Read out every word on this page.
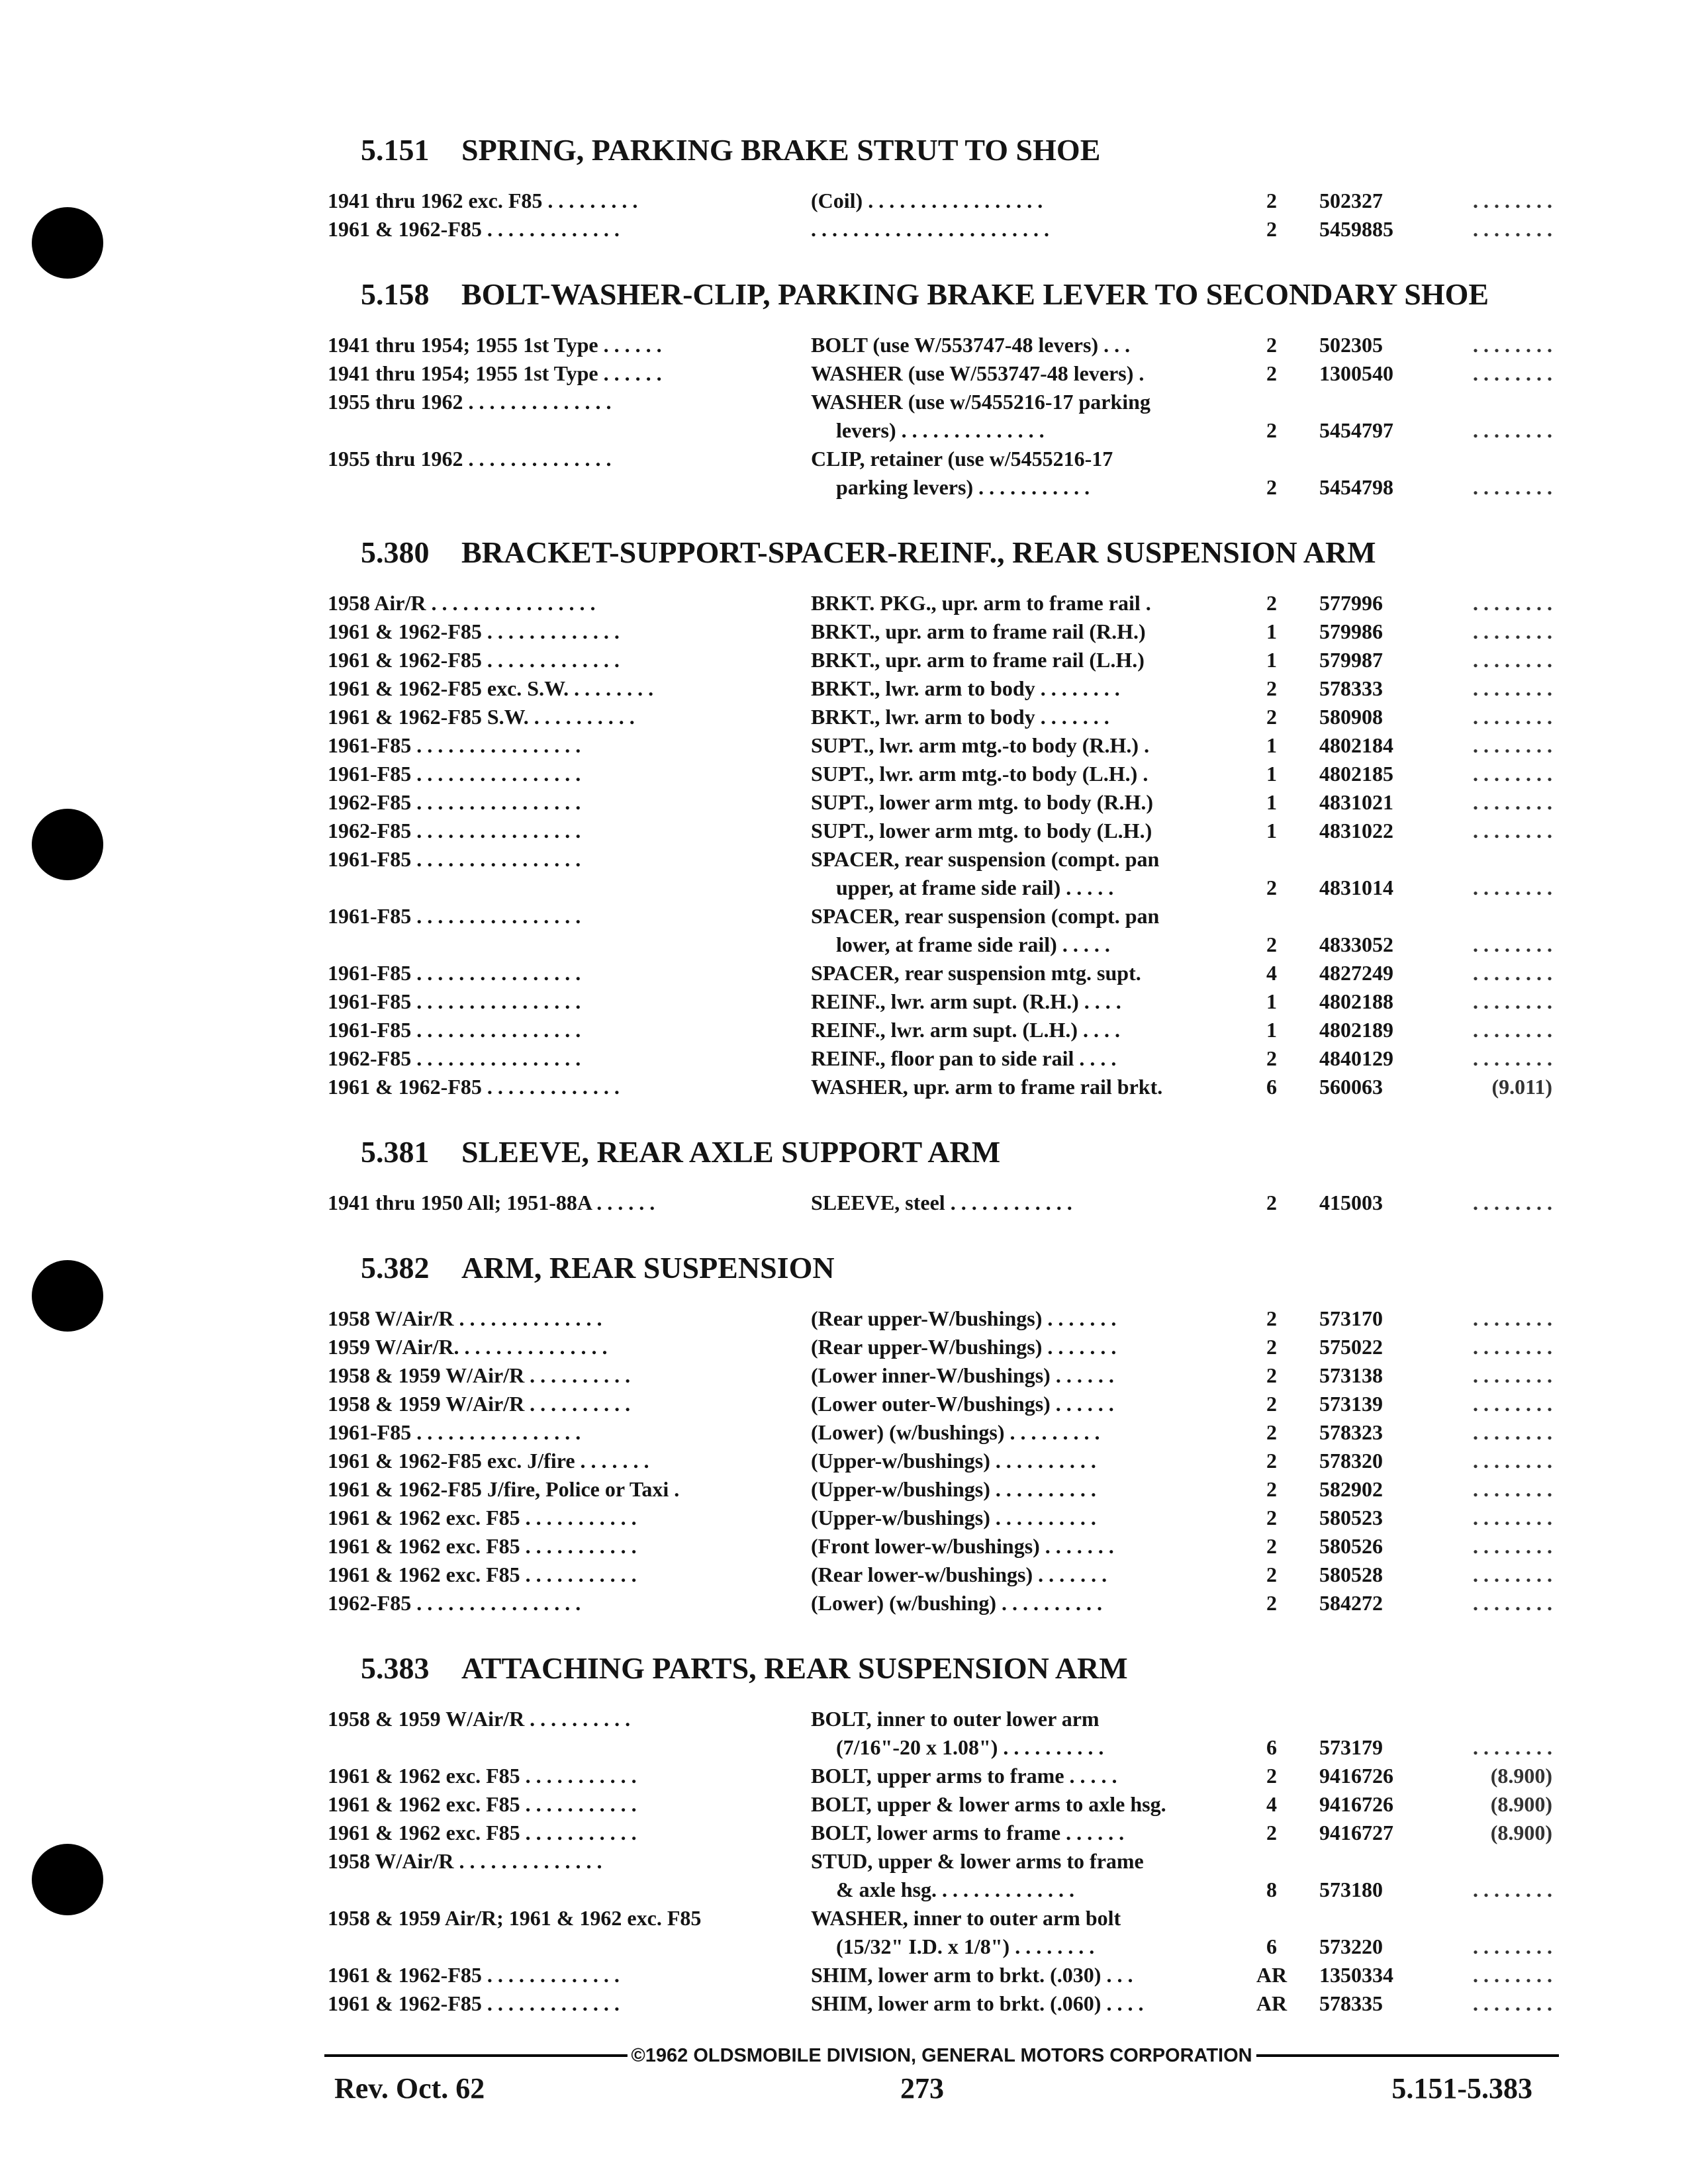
5.151	SPRING, PARKING BRAKE STRUT TO SHOE
1941 thru 1962 exc. F85 . . . . . . . . .	(Coil) . . . . . . . . . . . . . . . . .	2	502327	. . . . . . . .
1961 & 1962-F85 . . . . . . . . . . . . .	. . . . . . . . . . . . . . . . . . . . . . .	2	5459885	. . . . . . . .
5.158	BOLT-WASHER-CLIP, PARKING BRAKE LEVER TO SECONDARY SHOE
1941 thru 1954; 1955 1st Type . . . . . .	BOLT (use W/553747-48 levers) . . .	2	502305	. . . . . . . .
1941 thru 1954; 1955 1st Type . . . . . .	WASHER (use W/553747-48 levers) .	2	1300540	. . . . . . . .
1955 thru 1962 . . . . . . . . . . . . . .	WASHER (use w/5455216-17 parking
levers) . . . . . . . . . . . . . .	2	5454797	. . . . . . . .
1955 thru 1962 . . . . . . . . . . . . . .	CLIP, retainer (use w/5455216-17
parking levers) . . . . . . . . . . .	2	5454798	. . . . . . . .
5.380	BRACKET-SUPPORT-SPACER-REINF., REAR SUSPENSION ARM
1958 Air/R . . . . . . . . . . . . . . . .	BRKT. PKG., upr. arm to frame rail .	2	577996	. . . . . . . .
1961 & 1962-F85 . . . . . . . . . . . . .	BRKT., upr. arm to frame rail (R.H.)	1	579986	. . . . . . . .
1961 & 1962-F85 . . . . . . . . . . . . .	BRKT., upr. arm to frame rail (L.H.)	1	579987	. . . . . . . .
1961 & 1962-F85 exc. S.W. . . . . . . . .	BRKT., lwr. arm to body . . . . . . . .	2	578333	. . . . . . . .
1961 & 1962-F85 S.W. . . . . . . . . . .	BRKT., lwr. arm to body . . . . . . .	2	580908	. . . . . . . .
1961-F85 . . . . . . . . . . . . . . . .	SUPT., lwr. arm mtg.-to body (R.H.) .	1	4802184	. . . . . . . .
1961-F85 . . . . . . . . . . . . . . . .	SUPT., lwr. arm mtg.-to body (L.H.) .	1	4802185	. . . . . . . .
1962-F85 . . . . . . . . . . . . . . . .	SUPT., lower arm mtg. to body (R.H.)	1	4831021	. . . . . . . .
1962-F85 . . . . . . . . . . . . . . . .	SUPT., lower arm mtg. to body (L.H.)	1	4831022	. . . . . . . .
1961-F85 . . . . . . . . . . . . . . . .	SPACER, rear suspension (compt. pan
upper, at frame side rail) . . . . .	2	4831014	. . . . . . . .
1961-F85 . . . . . . . . . . . . . . . .	SPACER, rear suspension (compt. pan
lower, at frame side rail) . . . . .	2	4833052	. . . . . . . .
1961-F85 . . . . . . . . . . . . . . . .	SPACER, rear suspension mtg. supt.	4	4827249	. . . . . . . .
1961-F85 . . . . . . . . . . . . . . . .	REINF., lwr. arm supt. (R.H.) . . . .	1	4802188	. . . . . . . .
1961-F85 . . . . . . . . . . . . . . . .	REINF., lwr. arm supt. (L.H.) . . . .	1	4802189	. . . . . . . .
1962-F85 . . . . . . . . . . . . . . . .	REINF., floor pan to side rail . . . .	2	4840129	. . . . . . . .
1961 & 1962-F85 . . . . . . . . . . . . .	WASHER, upr. arm to frame rail brkt.	6	560063	(9.011)
5.381	SLEEVE, REAR AXLE SUPPORT ARM
1941 thru 1950 All; 1951-88A . . . . . .	SLEEVE, steel . . . . . . . . . . . .	2	415003	. . . . . . . .
5.382	ARM, REAR SUSPENSION
1958 W/Air/R . . . . . . . . . . . . . .	(Rear upper-W/bushings) . . . . . . .	2	573170	. . . . . . . .
1959 W/Air/R. . . . . . . . . . . . . . .	(Rear upper-W/bushings) . . . . . . .	2	575022	. . . . . . . .
1958 & 1959 W/Air/R . . . . . . . . . .	(Lower inner-W/bushings) . . . . . .	2	573138	. . . . . . . .
1958 & 1959 W/Air/R . . . . . . . . . .	(Lower outer-W/bushings) . . . . . .	2	573139	. . . . . . . .
1961-F85 . . . . . . . . . . . . . . . .	(Lower) (w/bushings) . . . . . . . . .	2	578323	. . . . . . . .
1961 & 1962-F85 exc. J/fire . . . . . . .	(Upper-w/bushings) . . . . . . . . . .	2	578320	. . . . . . . .
1961 & 1962-F85 J/fire, Police or Taxi .	(Upper-w/bushings) . . . . . . . . . .	2	582902	. . . . . . . .
1961 & 1962 exc. F85 . . . . . . . . . . .	(Upper-w/bushings) . . . . . . . . . .	2	580523	. . . . . . . .
1961 & 1962 exc. F85 . . . . . . . . . . .	(Front lower-w/bushings) . . . . . . .	2	580526	. . . . . . . .
1961 & 1962 exc. F85 . . . . . . . . . . .	(Rear lower-w/bushings) . . . . . . .	2	580528	. . . . . . . .
1962-F85 . . . . . . . . . . . . . . . .	(Lower) (w/bushing) . . . . . . . . . .	2	584272	. . . . . . . .
5.383	ATTACHING PARTS, REAR SUSPENSION ARM
1958 & 1959 W/Air/R . . . . . . . . . .	BOLT, inner to outer lower arm
(7/16"-20 x 1.08") . . . . . . . . . .	6	573179	. . . . . . . .
1961 & 1962 exc. F85 . . . . . . . . . . .	BOLT, upper arms to frame . . . . .	2	9416726	(8.900)
1961 & 1962 exc. F85 . . . . . . . . . . .	BOLT, upper & lower arms to axle hsg.	4	9416726	(8.900)
1961 & 1962 exc. F85 . . . . . . . . . . .	BOLT, lower arms to frame . . . . . .	2	9416727	(8.900)
1958 W/Air/R . . . . . . . . . . . . . .	STUD, upper & lower arms to frame
& axle hsg. . . . . . . . . . . . . .	8	573180	. . . . . . . .
1958 & 1959 Air/R; 1961 & 1962 exc. F85	WASHER, inner to outer arm bolt
(15/32" I.D. x 1/8") . . . . . . . .	6	573220	. . . . . . . .
1961 & 1962-F85 . . . . . . . . . . . . .	SHIM, lower arm to brkt. (.030) . . .	AR	1350334	. . . . . . . .
1961 & 1962-F85 . . . . . . . . . . . . .	SHIM, lower arm to brkt. (.060) . . . .	AR	578335	. . . . . . . .
©1962 OLDSMOBILE DIVISION, GENERAL MOTORS CORPORATION
Rev. Oct. 62	273	5.151-5.383
